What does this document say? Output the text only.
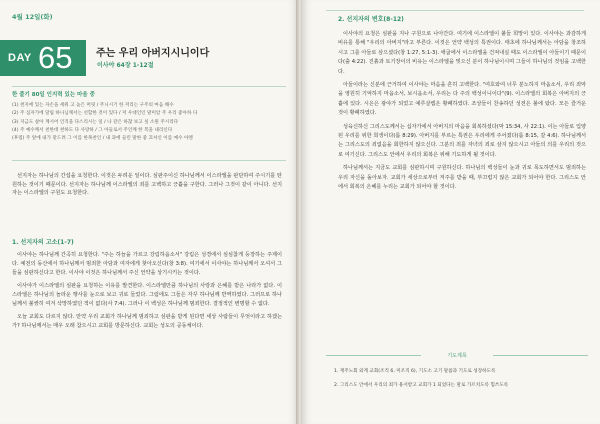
4월 12일(화)
DAY 65 주는 우리 아버지시니이다
이사야 64장 1-12절
한 줄기 80일 인지력 있는 마음 중
(1) 천지에 있는 자손을 세워 고 높은 머릿 / 주니시기 한 저리는 구주의 마음 해수
(2) 주 십자가에 달림 하나님께서는 선합한 것이 있다 / 저 우대인인 말미암 주 우리 좋아하 다
(3) 지금도 살아 계시어 인격을 다스리시는 일 / 나 같은 하찮 보고 싶 소원 주시리다
(4) 주 예수께서 친한데 천하도 다 사랑하 / 그 아들로서 주인께 한 복을 내리신다
(후렴) 주 앞에 내가 맡드려 그 이를 한목찬인 / 내 과에 들린 말한 좋 끄셔신 이를 예수 아멘

선지자는 하나님의 간섭을 요청한다. 이것은 두려운 일이다. 심판주이신 하나님께서 이스라엘을 판단하여 주시기를 탄원하는 것이기 때문이다. 선지자는 하나님께 이스라엘의 죄를 고백하고 긍휼을 구한다. 그러나 그것이 같이 아니다. 선지자는 이스라엘의 구원도 요청한다.

1. 선지자의 고소(1-7)

이사야는 하나님께 간곡히 요청한다. "주는 하늘을 가르고 강림하옵소서" 강림은 성경에서 심심찮게 등장하는 주제이다. 예전의 동산에서 하나님께서 범죄한 아담과 여자에게 찾아오신다(창 3:8). 여기에서 이사야는 하나님께서 오셔서 그들을 심판하신다고 한다. 이사야 이것은 하나님께서 주신 언약을 상기시키는 것이다.

이사야가 이스라엘의 심판을 요청하는 이유를 발견한다. 이스라엘만큼 하나님의 사랑과 은혜를 받은 나라가 없다. 이스라엘은 하나님의 놀라운 행사를 눈으로 보고 귀로 들었다. 그럼에도 그들은 자꾸 하나님께 반역하였다. 그러므로 하나님께서 불쌍히 여겨 삭망하였던 적이 없다(사 7:4). 그러나 이 백성은 하나님께 범죄한다. 결정적인 변명할 수 없다.

오늘 교회도 다르지 않다. 만약 우리 교회가 하나님께 범죄하고 심판을 받게 된다면 세상 사람들이 무엇이라고 하겠는가? 하나님께서는 매우 오래 참으시고 교회를 방문하신다. 교회는 성도의 공동체이다.

2. 선지자의 변호(8-12)

이사야의 요청은 심판을 지나 구원으로 나아간다. 여기에 이스라엘이 붙들 희망이 있다. 이사야는 과감하게 비유를 통해 "우리의 아버지"라고 부른다. 이것은 언약 백성의 특권이다. 태초에 하나님께서는 아담을 창조하시고 그를 아들로 삼으셨다(창 1:27, 5:1-3). 애굽에서 이스라엘을 건져내실 때도 이스라엘이 아들이기 때문이다(출 4:22). 진흙과 토기장이의 비유는 이스라엘을 빚으신 분이 하나님이시며 그들이 하나님의 것임을 고백한다.

아들이라는 신분에 근거하여 이사야는 마음을 흔히 고백한다. "여호와여 너무 분노하지 마옵소서, 우리 죄악을 영원히 기억하지 마옵소서, 보시옵소서, 우리는 다 주의 백성이니이다"(9). 이스라엘의 회복은 아버지의 긍휼에 있다. 시온은 광야가 되었고 예루살렘은 황폐하였다. 조상들이 찬송하던 성전은 불에 탔다. 모든 즐거운 것이 황폐하였다.

성육신하신 그리스도께서는 십자가에서 아버지의 마음을 회복하셨다(막 15:34, 사 22:1). 이는 아들로 입양된 우리를 위한 희생이다(롬 8:29). 아버지를 부르는 특권은 우리에게 주어졌다(롬 8:15, 갈 4:6). 하나님께서는 그리스도의 죄없음을 회한하지 않으신다. 그분의 죄를 자녀의 죄로 삼지 않으시고 아들의 의를 우리의 것으로 여기신다. 그리스도 안에서 우리의 회복은 위해 기도하게 될 것이다.

하나님께서는 지금도 교회를 심판하시며 구원하신다. 하나님의 백성들이 눈과 귀로 목도하면서도 범죄하는 우리 자신을 돌아보자. 교회가 세상으로부터 저주를 받을 때, 부끄럽지 않은 교회가 되어야 한다. 그리스도 안에서 회복의 은혜를 누리는 교회가 되어야 할 것이다.

기도제목
1. 재주노회 외계 교회(조직 6, 미조직 6), 기도소 고기 말씀과 기도로 성장하도록
2. 그리스도 안에서 우리의 죄가 용서받고 교회가 1 되었다는 말로 가르치도록 힘쓰도록
